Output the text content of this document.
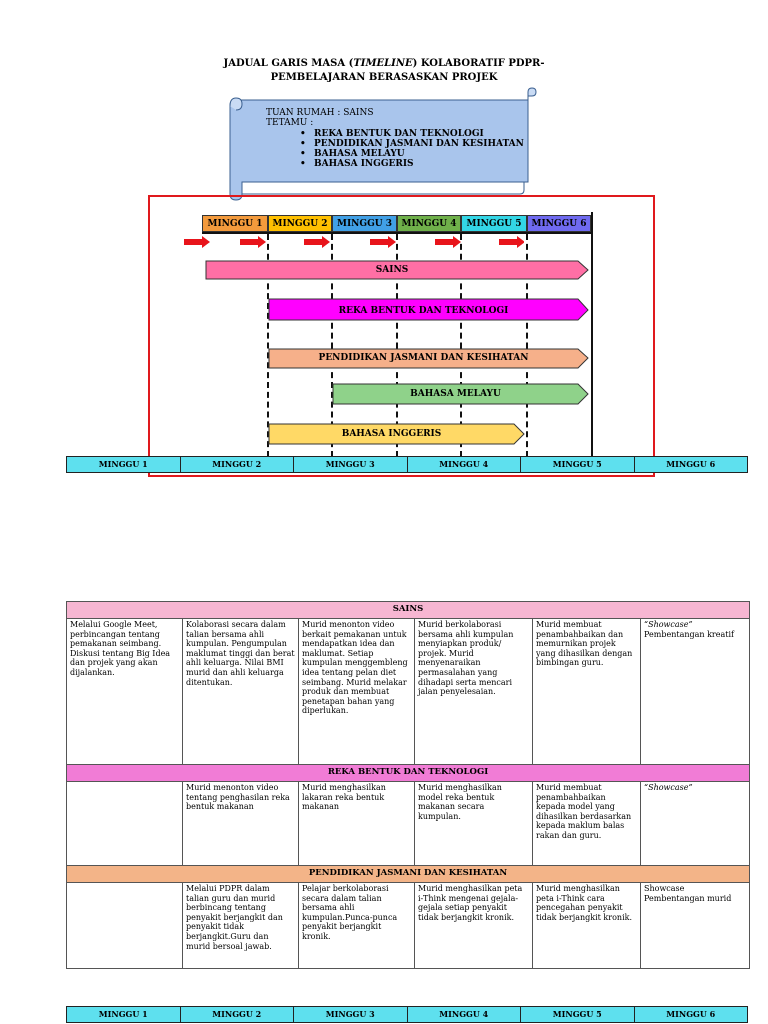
JADUAL GARIS MASA (TIMELINE) KOLABORATIF PDPR-
PEMBELAJARAN BERASASKAN PROJEK
TUAN RUMAH : SAINS
TETAMU :
• REKA BENTUK DAN TEKNOLOGI
• PENDIDIKAN JASMANI DAN KESIHATAN
• BAHASA MELAYU
• BAHASA INGGERIS
MINGGU 1	MINGGU 2	MINGGU 3	MINGGU 4	MINGGU 5	MINGGU 6
SAINS
REKA BENTUK DAN TEKNOLOGI
PENDIDIKAN JASMANI DAN KESIHATAN
BAHASA MELAYU
BAHASA INGGERIS
MINGGU 1	MINGGU 2	MINGGU 3	MINGGU 4	MINGGU 5	MINGGU 6
SAINS					
Melalui Google Meet, perbincangan tentang pemakanan seimbang. Diskusi tentang Big Idea dan projek yang akan dijalankan.	Kolaborasi secara dalam talian bersama ahli kumpulan. Pengumpulan maklumat tinggi dan berat ahli keluarga. Nilai BMI murid dan ahli keluarga ditentukan.	Murid menonton video berkait pemakanan untuk mendapatkan idea dan maklumat. Setiap kumpulan menggembleng idea tentang pelan diet seimbang. Murid melakar produk dan membuat penetapan bahan yang diperlukan.	Murid berkolaborasi bersama ahli kumpulan menyiapkan produk/ projek. Murid menyenaraikan permasalahan yang dihadapi serta mencari jalan penyelesaian.	Murid membuat penambahbaikan dan memurnikan projek yang dihasilkan dengan bimbingan guru.	“Showcase”
Pembentangan kreatif

REKA BENTUK DAN TEKNOLOGI					
	Murid menonton video tentang penghasilan reka bentuk makanan	Murid menghasilkan lakaran reka bentuk makanan	Murid menghasilkan model reka bentuk makanan secara kumpulan.	Murid membuat penambahbaikan kepada model yang dihasilkan berdasarkan kepada maklum balas rakan dan guru.	“Showcase”
PENDIDIKAN JASMANI DAN KESIHATAN					
	Melalui PDPR dalam talian guru dan murid berbincang tentang penyakit berjangkit dan penyakit tidak berjangkit.Guru dan murid bersoal jawab.	Pelajar berkolaborasi secara dalam talian bersama ahli kumpulan.Punca-punca penyakit berjangkit kronik.	Murid menghasilkan peta i-Think mengenai gejala-gejala setiap penyakit tidak berjangkit kronik.	Murid menghasilkan peta i-Think cara pencegahan penyakit tidak berjangkit kronik.	Showcase
Pembentangan murid
MINGGU 1	MINGGU 2	MINGGU 3	MINGGU 4	MINGGU 5	MINGGU 6
